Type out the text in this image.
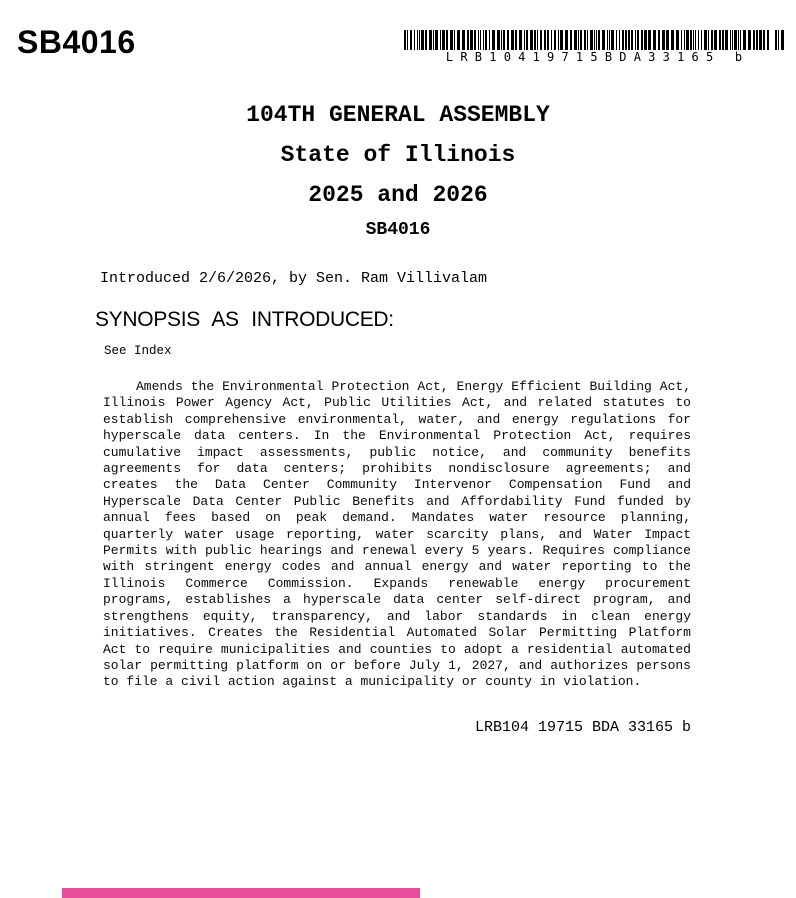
SB4016	L R B 1 0 4 1 9 7 1 5 B D A 3 3 1 6 5   b
104TH GENERAL ASSEMBLY
State of Illinois
2025 and 2026
SB4016
Introduced 2/6/2026, by Sen. Ram Villivalam
SYNOPSIS AS INTRODUCED:
See Index

Amends the Environmental Protection Act, Energy Efficient Building Act, Illinois Power Agency Act, Public Utilities Act, and related statutes to establish comprehensive environmental, water, and energy regulations for hyperscale data centers. In the Environmental Protection Act, requires cumulative impact assessments, public notice, and community benefits agreements for data centers; prohibits nondisclosure agreements; and creates the Data Center Community Intervenor Compensation Fund and Hyperscale Data Center Public Benefits and Affordability Fund funded by annual fees based on peak demand. Mandates water resource planning, quarterly water usage reporting, water scarcity plans, and Water Impact Permits with public hearings and renewal every 5 years. Requires compliance with stringent energy codes and annual energy and water reporting to the Illinois Commerce Commission. Expands renewable energy procurement programs, establishes a hyperscale data center self-direct program, and strengthens equity, transparency, and labor standards in clean energy initiatives. Creates the Residential Automated Solar Permitting Platform Act to require municipalities and counties to adopt a residential automated solar permitting platform on or before July 1, 2027, and authorizes persons to file a civil action against a municipality or county in violation.

LRB104 19715 BDA 33165 b
